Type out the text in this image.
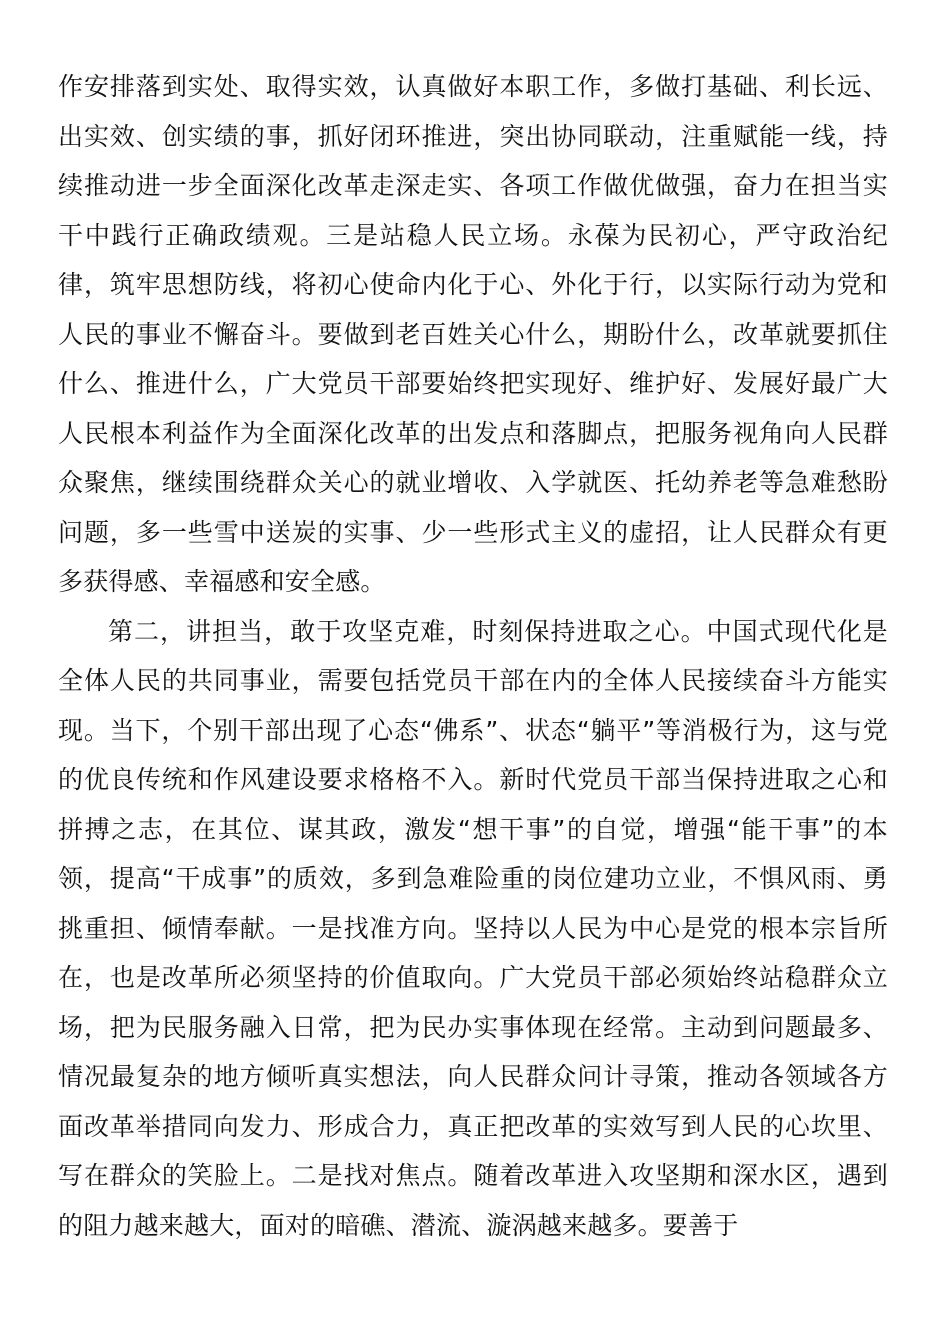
作安排落到实处、取得实效，认真做好本职工作，多做打基础、利长远、出实效、创实绩的事，抓好闭环推进，突出协同联动，注重赋能一线，持续推动进一步全面深化改革走深走实、各项工作做优做强，奋力在担当实干中践行正确政绩观。三是站稳人民立场。永葆为民初心，严守政治纪律，筑牢思想防线，将初心使命内化于心、外化于行，以实际行动为党和人民的事业不懈奋斗。要做到老百姓关心什么，期盼什么，改革就要抓住什么、推进什么，广大党员干部要始终把实现好、维护好、发展好最广大人民根本利益作为全面深化改革的出发点和落脚点，把服务视角向人民群众聚焦，继续围绕群众关心的就业增收、入学就医、托幼养老等急难愁盼问题，多一些雪中送炭的实事、少一些形式主义的虚招，让人民群众有更多获得感、幸福感和安全感。

第二，讲担当，敢于攻坚克难，时刻保持进取之心。中国式现代化是全体人民的共同事业，需要包括党员干部在内的全体人民接续奋斗方能实现。当下，个别干部出现了心态“佛系”、状态“躺平”等消极行为，这与党的优良传统和作风建设要求格格不入。新时代党员干部当保持进取之心和拼搏之志，在其位、谋其政，激发“想干事”的自觉，增强“能干事”的本领，提高“干成事”的质效，多到急难险重的岗位建功立业，不惧风雨、勇挑重担、倾情奉献。一是找准方向。坚持以人民为中心是党的根本宗旨所在，也是改革所必须坚持的价值取向。广大党员干部必须始终站稳群众立场，把为民服务融入日常，把为民办实事体现在经常。主动到问题最多、情况最复杂的地方倾听真实想法，向人民群众问计寻策，推动各领域各方面改革举措同向发力、形成合力，真正把改革的实效写到人民的心坎里、写在群众的笑脸上。二是找对焦点。随着改革进入攻坚期和深水区，遇到的阻力越来越大，面对的暗礁、潜流、漩涡越来越多。要善于
